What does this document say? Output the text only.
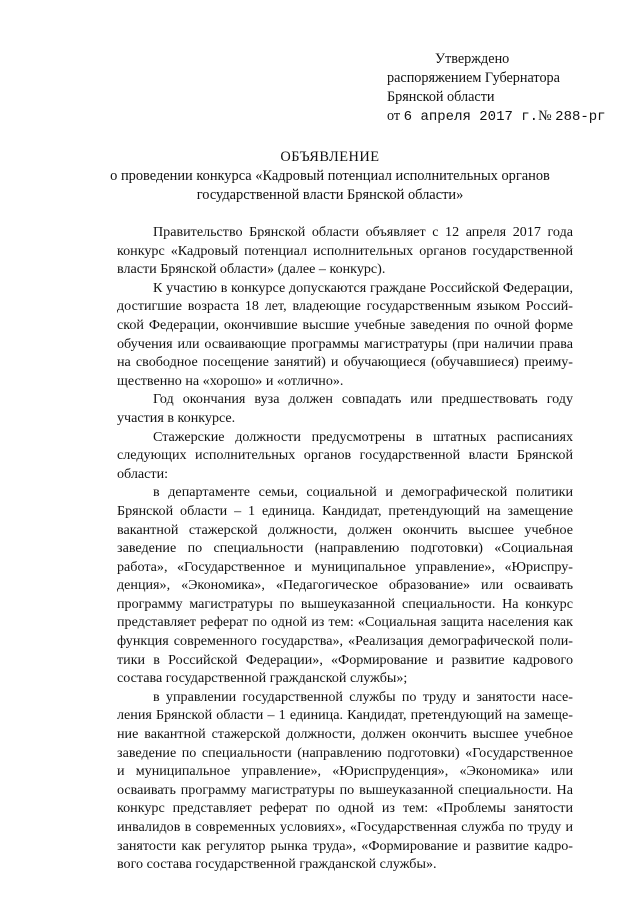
Утверждено
распоряжением Губернатора
Брянской области
от 6 апреля 2017 г.№ 288-рг
ОБЪЯВЛЕНИЕ
о проведении конкурса «Кадровый потенциал исполнительных органов
государственной власти Брянской области»

Правительство Брянской области объявляет с 12 апреля 2017 года конкурс «Кадровый потенциал исполнительных органов государственной власти Брянской области» (далее – конкурс).

К участию в конкурсе допускаются граждане Российской Федерации, достигшие возраста 18 лет, владеющие государственным языком Российской Федерации, окончившие высшие учебные заведения по очной форме обучения или осваивающие программы магистратуры (при наличии права на свободное посещение занятий) и обучающиеся (обучавшиеся) преимущественно на «хорошо» и «отлично».

Год окончания вуза должен совпадать или предшествовать году участия в конкурсе.

Стажерские должности предусмотрены в штатных расписаниях следующих исполнительных органов государственной власти Брянской области:

в департаменте семьи, социальной и демографической политики Брянской области – 1 единица. Кандидат, претендующий на замещение вакантной стажерской должности, должен окончить высшее учебное заведение по специальности (направлению подготовки) «Социальная работа», «Государственное и муниципальное управление», «Юриспруденция», «Экономика», «Педагогическое образование» или осваивать программу магистратуры по вышеуказанной специальности. На конкурс представляет реферат по одной из тем: «Социальная защита населения как функция современного государства», «Реализация демографической политики в Российской Федерации», «Формирование и развитие кадрового состава государственной гражданской службы»;

в управлении государственной службы по труду и занятости населения Брянской области – 1 единица. Кандидат, претендующий на замещение вакантной стажерской должности, должен окончить высшее учебное заведение по специальности (направлению подготовки) «Государственное и муниципальное управление», «Юриспруденция», «Экономика» или осваивать программу магистратуры по вышеуказанной специальности. На конкурс представляет реферат по одной из тем: «Проблемы занятости инвалидов в современных условиях», «Государственная служба по труду и занятости как регулятор рынка труда», «Формирование и развитие кадрового состава государственной гражданской службы».
